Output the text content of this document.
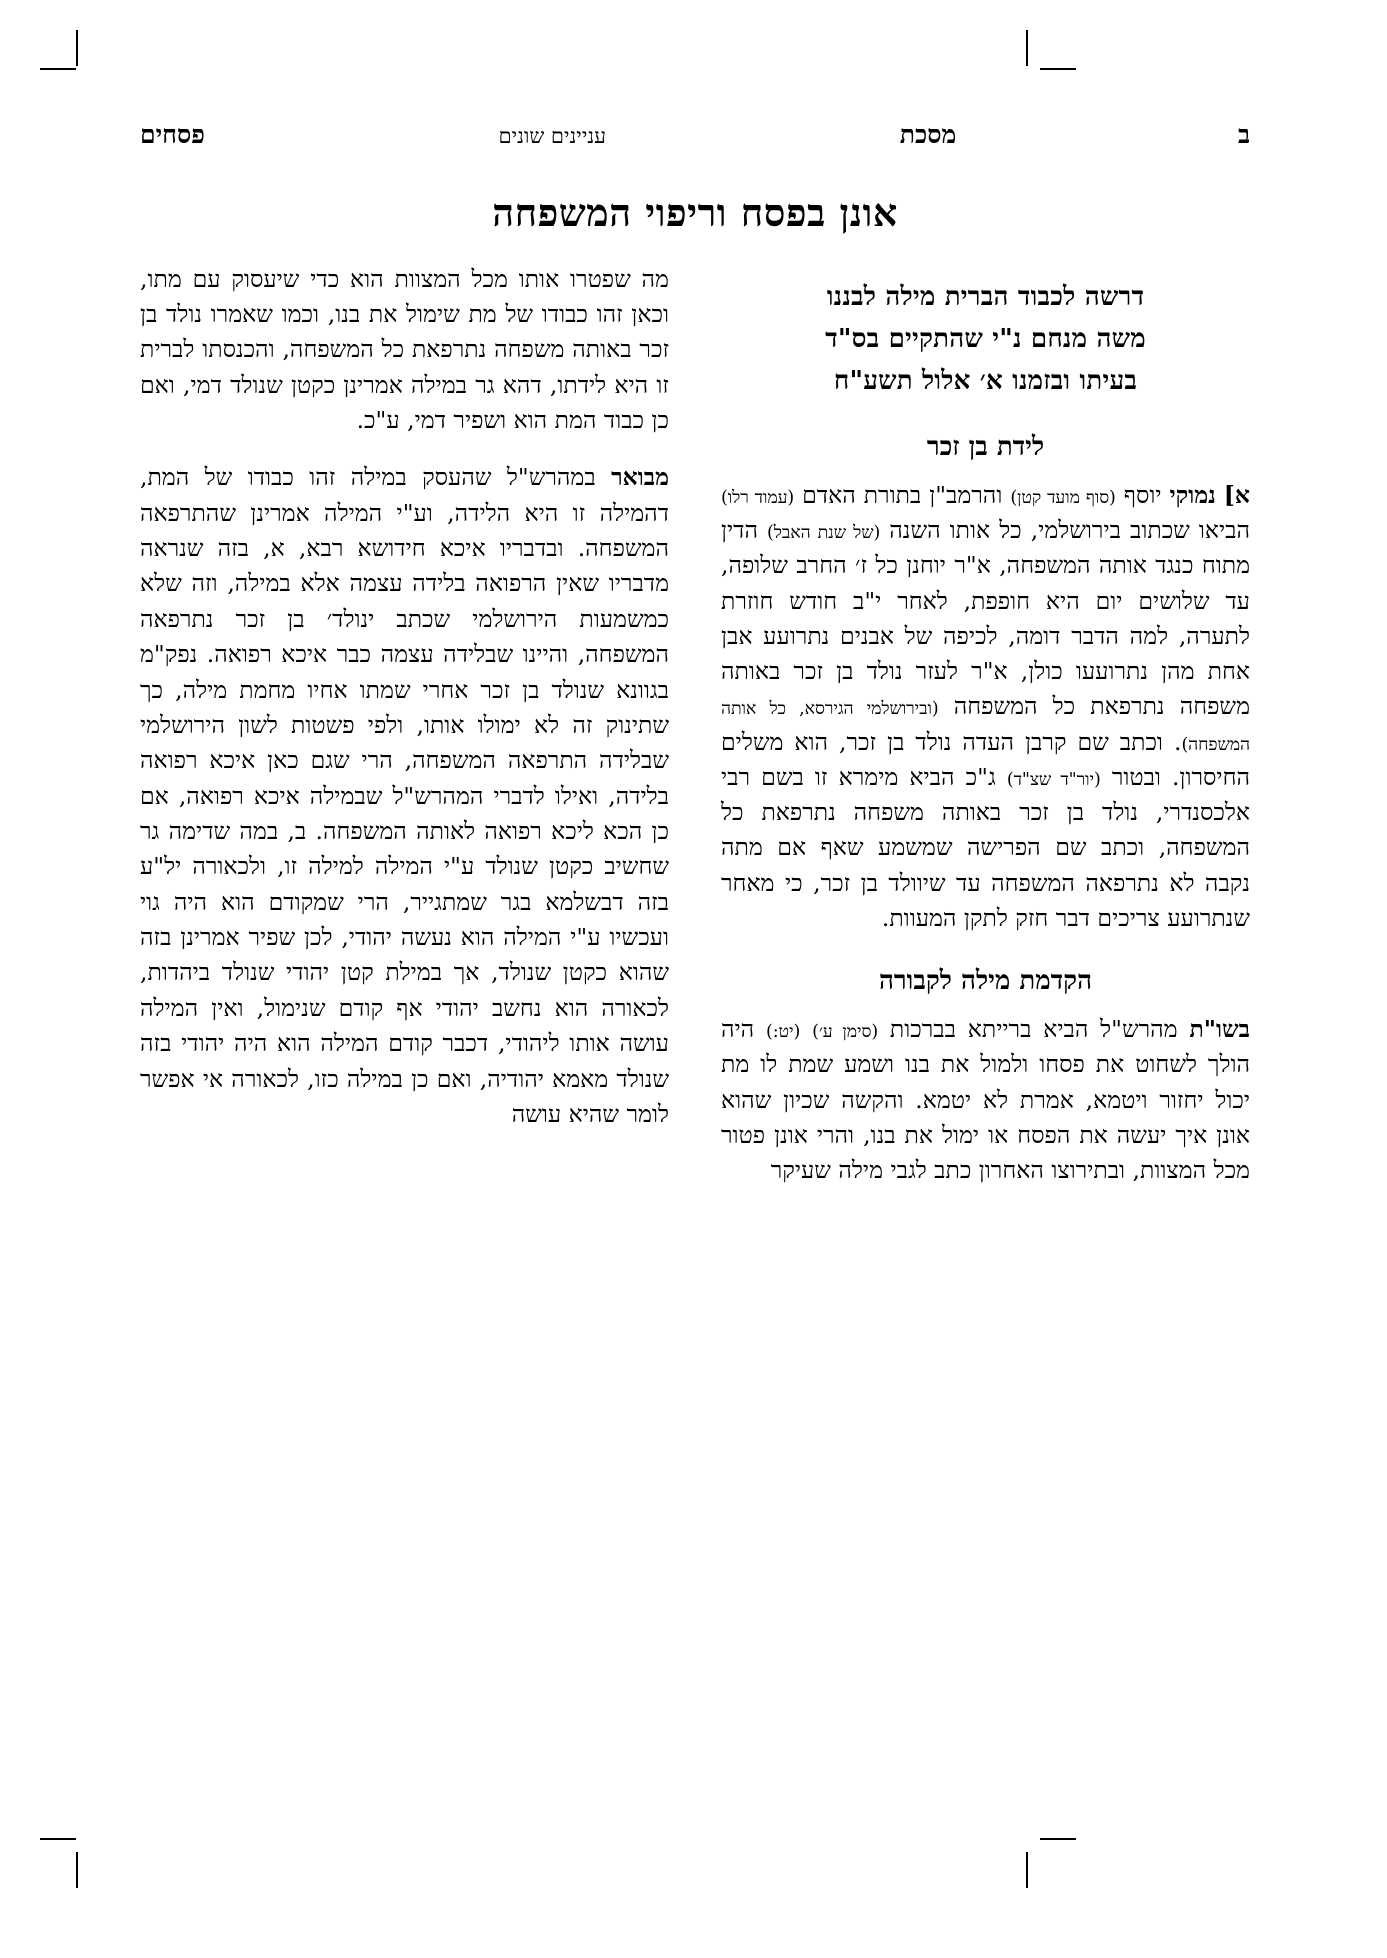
ב
מסכת
עניינים שונים
פסחים
אונן בפסח וריפוי המשפחה
דרשה לכבוד הברית מילה לבננו
משה מנחם נ"י שהתקיים בס"ד
בעיתו ובזמנו א׳ אלול תשע"ח
לידת בן זכר

א] נמוקי יוסף (סוף מועד קטן) והרמב"ן בתורת האדם (עמוד רלו) הביאו שכתוב בירושלמי, כל אותו השנה (של שנת האבל) הדין מתוח כנגד אותה המשפחה, א"ר יוחנן כל ז׳ החרב שלופה, עד שלושים יום היא חופפת, לאחר י"ב חודש חוזרת לתערה, למה הדבר דומה, לכיפה של אבנים נתרועע אבן אחת מהן נתרועעו כולן, א"ר לעזר נולד בן זכר באותה משפחה נתרפאת כל המשפחה (ובירושלמי הגירסא, כל אותה המשפחה). וכתב שם קרבן העדה נולד בן זכר, הוא משלים החיסרון. ובטור (יור"ד שצ"ד) ג"כ הביא מימרא זו בשם רבי אלכסנדרי, נולד בן זכר באותה משפחה נתרפאת כל המשפחה, וכתב שם הפרישה שמשמע שאף אם מתה נקבה לא נתרפאה המשפחה עד שיוולד בן זכר, כי מאחר שנתרועע צריכים דבר חזק לתקן המעוות.

הקדמת מילה לקבורה

בשו"ת מהרש"ל הביא ברייתא בברכות (סימן ע׳) (יט:) היה הולך לשחוט את פסחו ולמול את בנו ושמע שמת לו מת יכול יחזור ויטמא, אמרת לא יטמא. והקשה שכיון שהוא אונן איך יעשה את הפסח או ימול את בנו, והרי אונן פטור מכל המצוות, ובתירוצו האחרון כתב לגבי מילה שעיקר

מה שפטרו אותו מכל המצוות הוא כדי שיעסוק עם מתו, וכאן זהו כבודו של מת שימול את בנו, וכמו שאמרו נולד בן זכר באותה משפחה נתרפאת כל המשפחה, והכנסתו לברית זו היא לידתו, דהא גר במילה אמרינן כקטן שנולד דמי, ואם כן כבוד המת הוא ושפיר דמי, ע"כ.

מבואר במהרש"ל שהעסק במילה זהו כבודו של המת, דהמילה זו היא הלידה, וע"י המילה אמרינן שהתרפאה המשפחה. ובדבריו איכא חידושא רבא, א, בזה שנראה מדבריו שאין הרפואה בלידה עצמה אלא במילה, וזה שלא כמשמעות הירושלמי שכתב ינולד׳ בן זכר נתרפאה המשפחה, והיינו שבלידה עצמה כבר איכא רפואה. נפק"מ בגוונא שנולד בן זכר אחרי שמתו אחיו מחמת מילה, כך שתינוק זה לא ימולו אותו, ולפי פשטות לשון הירושלמי שבלידה התרפאה המשפחה, הרי שגם כאן איכא רפואה בלידה, ואילו לדברי המהרש"ל שבמילה איכא רפואה, אם כן הכא ליכא רפואה לאותה המשפחה. ב, במה שדימה גר שחשיב כקטן שנולד ע"י המילה למילה זו, ולכאורה יל"ע בזה דבשלמא בגר שמתגייר, הרי שמקודם הוא היה גוי ועכשיו ע"י המילה הוא נעשה יהודי, לכן שפיר אמרינן בזה שהוא כקטן שנולד, אך במילת קטן יהודי שנולד ביהדות, לכאורה הוא נחשב יהודי אף קודם שנימול, ואין המילה עושה אותו ליהודי, דכבר קודם המילה הוא היה יהודי בזה שנולד מאמא יהודיה, ואם כן במילה כזו, לכאורה אי אפשר לומר שהיא עושה
